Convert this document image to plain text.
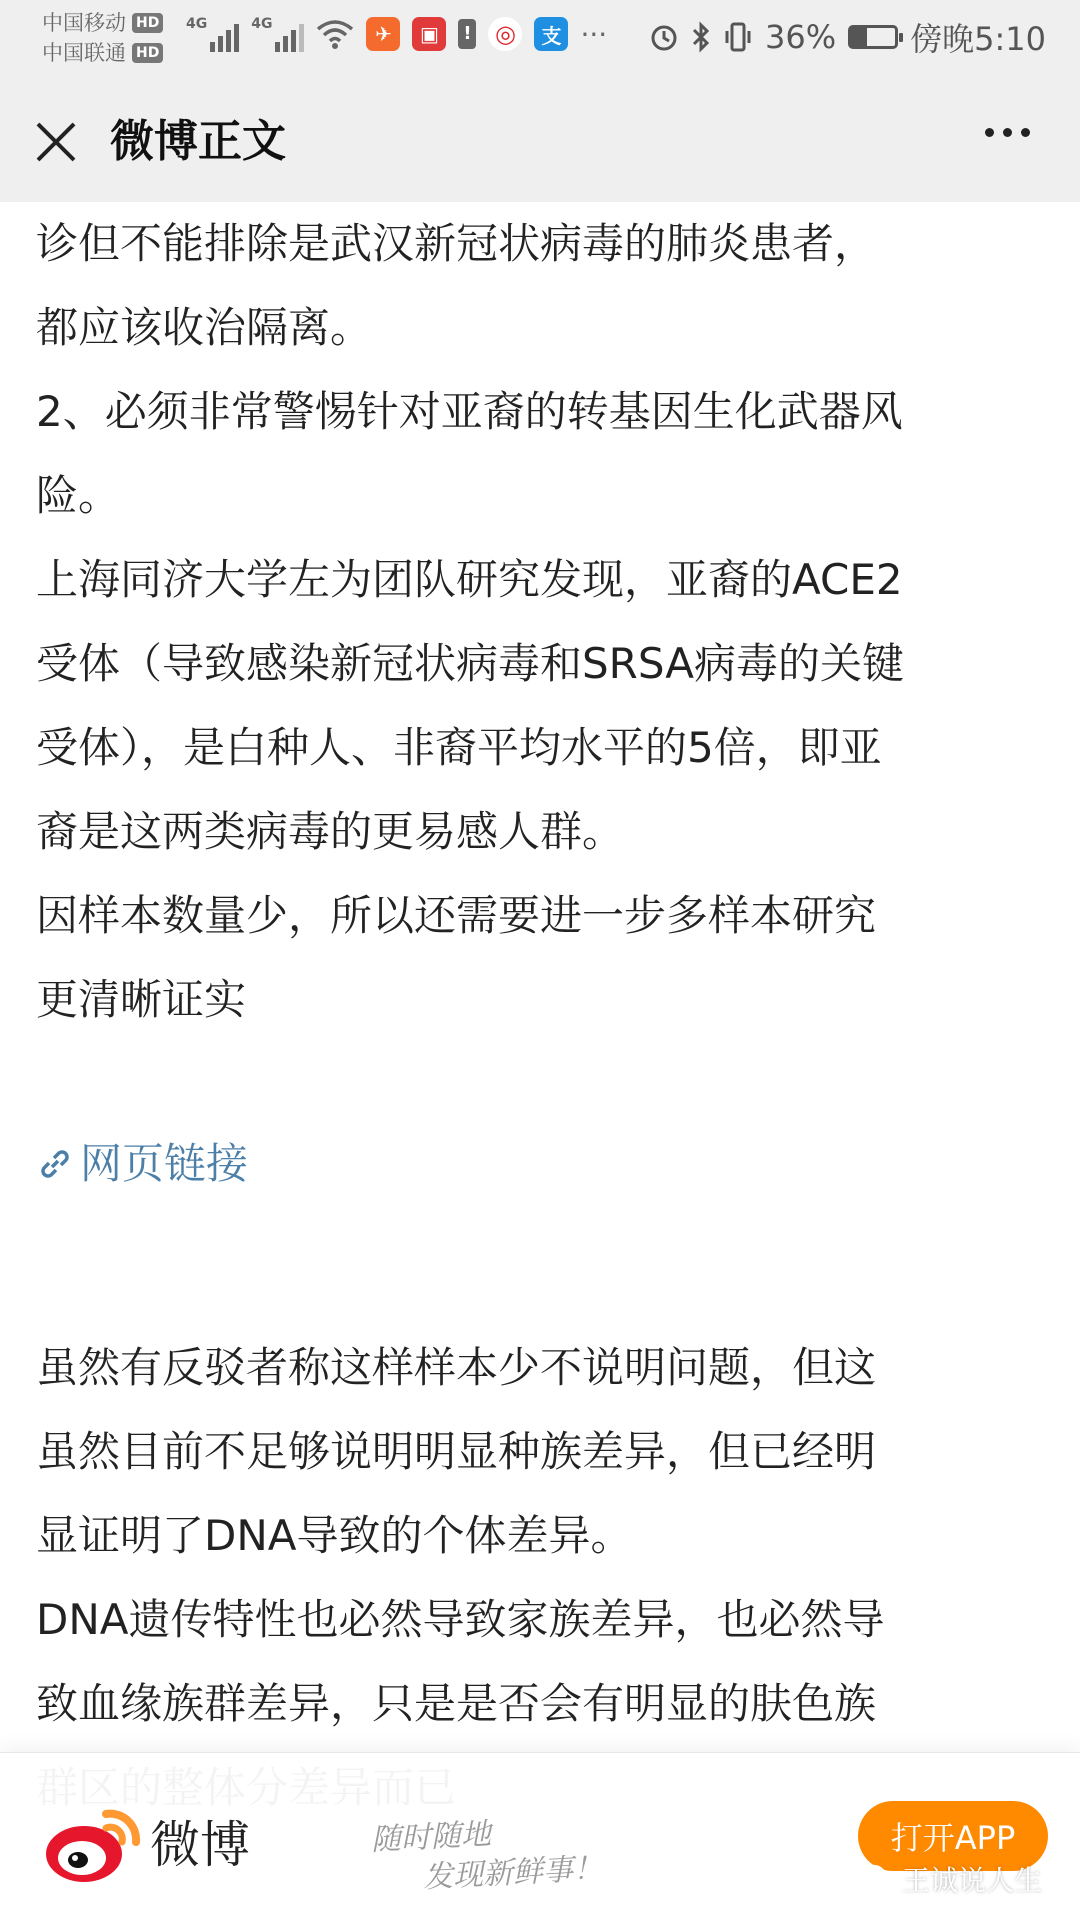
中国移动 HD
中国联通 HD
4G	4G	✈	▣	! ◎	支 ···	36% 傍晚5:10
微博正文

诊但不能排除是武汉新冠状病毒的肺炎患者，

都应该收治隔离。

2、必须非常警惕针对亚裔的转基因生化武器风

险。

上海同济大学左为团队研究发现，亚裔的ACE2

受体（导致感染新冠状病毒和SRSA病毒的关键

受体），是白种人、非裔平均水平的5倍，即亚

裔是这两类病毒的更易感人群。

因样本数量少，所以还需要进一步多样本研究

更清晰证实

网页链接

虽然有反驳者称这样样本少不说明问题，但这

虽然目前不足够说明明显种族差异，但已经明

显证明了DNA导致的个体差异。

DNA遗传特性也必然导致家族差异，也必然导

致血缘族群差异，只是是否会有明显的肤色族

微博	随时随地
发现新鲜事！
打开APP
王诚说人生
